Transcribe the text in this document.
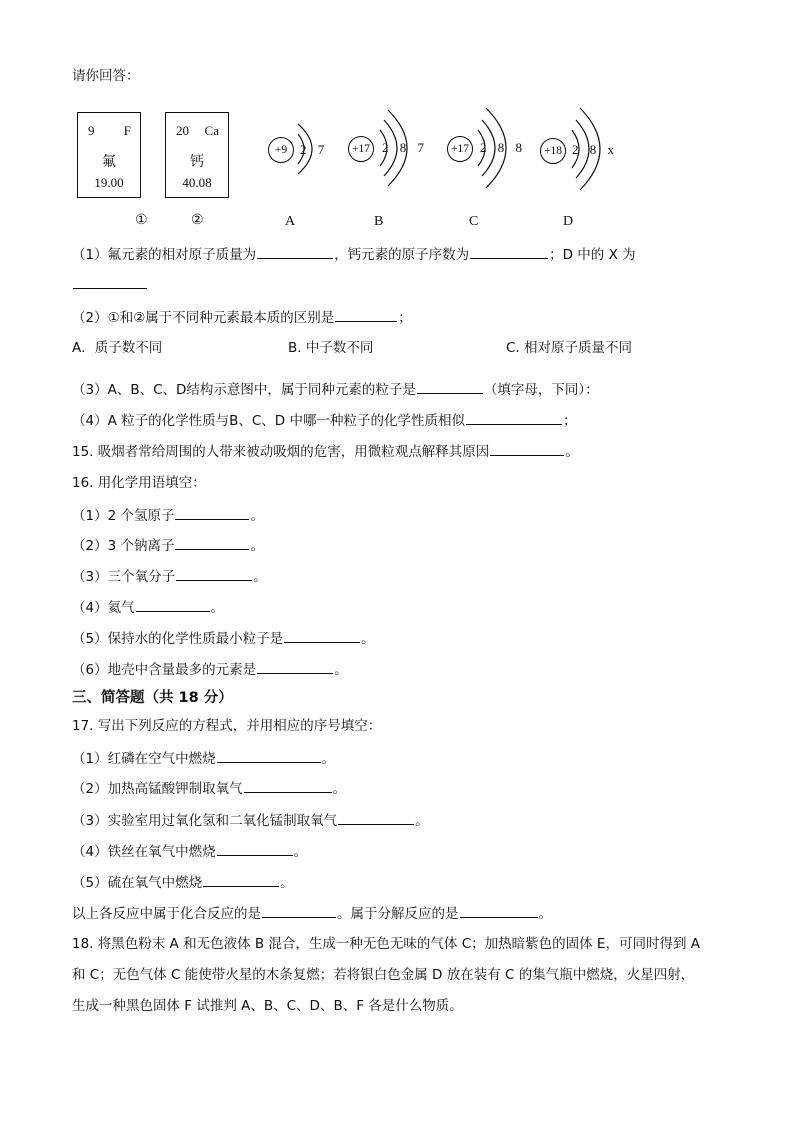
请你回答：
9 F
氟
19.00
20 Ca
钙
40.08
+9 2 7	+17 2 8 7	+17 2 8 8	+18 2 8 x
①	②	A	B	C	D
（1）氟元素的相对原子质量为	，钙元素的原子序数为	；D 中的 X 为
（2）①和②属于不同种元素最本质的区别是	；
A．质子数不同	B. 中子数不同	C. 相对原子质量不同
（3）A、B、C、D结构示意图中，属于同种元素的粒子是	（填字母，下同）：
（4）A 粒子的化学性质与B、C、D 中哪一种粒子的化学性质相似	；
15. 吸烟者常给周围的人带来被动吸烟的危害，用微粒观点解释其原因	。
16. 用化学用语填空：
（1）2 个氢原子	。
（2）3 个钠离子	。
（3）三个氧分子	。
（4）氦气	。
（5）保持水的化学性质最小粒子是	。
（6）地壳中含量最多的元素是	。
三、简答题（共 18 分）
17. 写出下列反应的方程式，并用相应的序号填空：
（1）红磷在空气中燃烧	。
（2）加热高锰酸钾制取氧气	。
（3）实验室用过氧化氢和二氧化锰制取氧气	。
（4）铁丝在氧气中燃烧	。
（5）硫在氧气中燃烧	。
以上各反应中属于化合反应的是	。属于分解反应的是	。
18. 将黑色粉末 A 和无色液体 B 混合，生成一种无色无味的气体 C；加热暗紫色的固体 E，可同时得到 A
和 C；无色气体 C 能使带火星的木条复燃；若将银白色金属 D 放在装有 C 的集气瓶中燃烧，火星四射，
生成一种黑色固体 F 试推判 A、B、C、D、B、F 各是什么物质。
